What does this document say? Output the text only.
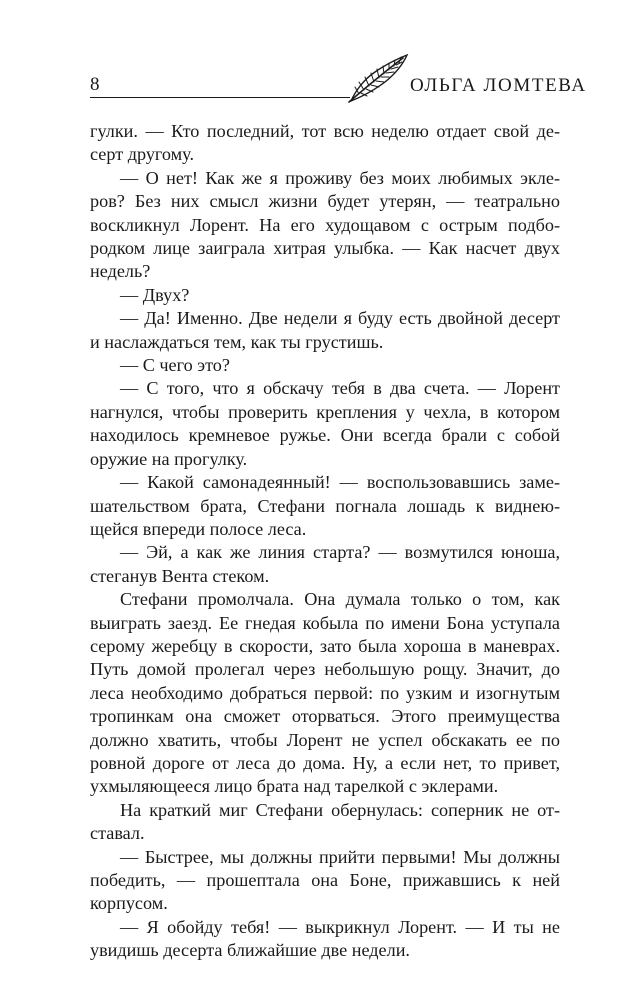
8	ОЛЬГА ЛОМТЕВА

гулки. — Кто последний, тот всю неделю отдает свой десерт другому.

— О нет! Как же я проживу без моих любимых эклеров? Без них смысл жизни будет утерян, — театрально воскликнул Лорент. На его худощавом с острым подбородком лице заиграла хитрая улыбка. — Как насчет двух недель?

— Двух?

— Да! Именно. Две недели я буду есть двойной десерт и наслаждаться тем, как ты грустишь.

— С чего это?

— С того, что я обскачу тебя в два счета. — Лорент нагнулся, чтобы проверить крепления у чехла, в котором находилось кремневое ружье. Они всегда брали с собой оружие на прогулку.

— Какой самонадеянный! — воспользовавшись замешательством брата, Стефани погнала лошадь к виднеющейся впереди полосе леса.

— Эй, а как же линия старта? — возмутился юноша, стеганув Вента стеком.

Стефани промолчала. Она думала только о том, как выиграть заезд. Ее гнедая кобыла по имени Бона уступала серому жеребцу в скорости, зато была хороша в маневрах. Путь домой пролегал через небольшую рощу. Значит, до леса необходимо добраться первой: по узким и изогнутым тропинкам она сможет оторваться. Этого преимущества должно хватить, чтобы Лорент не успел обскакать ее по ровной дороге от леса до дома. Ну, а если нет, то привет, ухмыляющееся лицо брата над тарелкой с эклерами.

На краткий миг Стефани обернулась: соперник не отставал.

— Быстрее, мы должны прийти первыми! Мы должны победить, — прошептала она Боне, прижавшись к ней корпусом.

— Я обойду тебя! — выкрикнул Лорент. — И ты не увидишь десерта ближайшие две недели.
